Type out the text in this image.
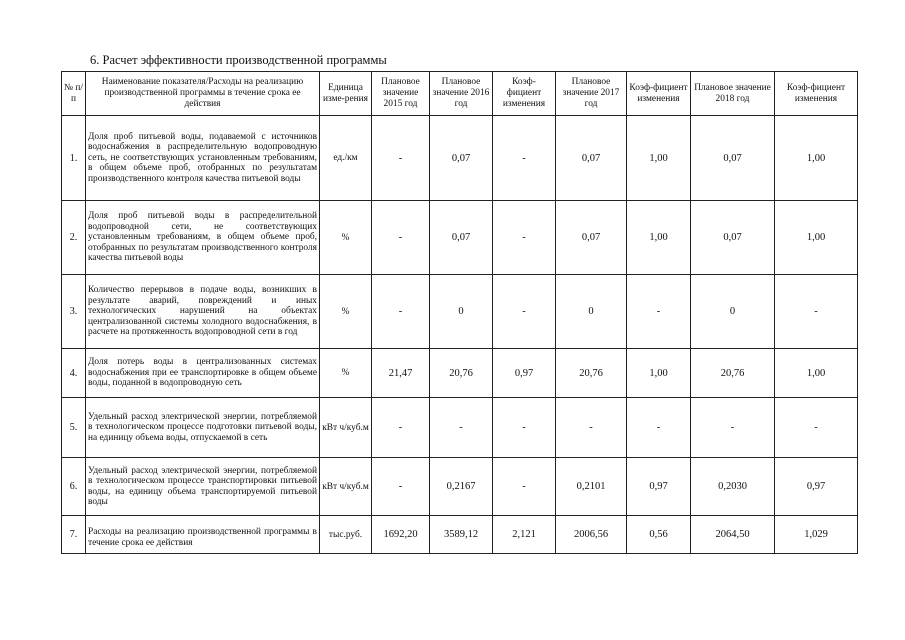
6. Расчет эффективности производственной программы
№ п/п	Наименование показателя/Расходы на реализацию производственной программы в течение срока ее действия	Единица изме-рения	Плановое значение 2015 год	Плановое значение 2016 год	Коэф-фициент изменения	Плановое значение 2017 год	Коэф-фициент изменения	Плановое значение 2018 год	Коэф-фициент изменения
1.	Доля проб питьевой воды, подаваемой с источников водоснабжения в распределительную водопроводную сеть, не соответствующих установленным требованиям, в общем объеме проб, отобранных по результатам производственного контроля качества питьевой воды	ед./км	-	0,07	-	0,07	1,00	0,07	1,00
2.	Доля проб питьевой воды в распределительной водопроводной сети, не соответствующих установленным требованиям, в общем объеме проб, отобранных по результатам производственного контроля качества питьевой воды	%	-	0,07	-	0,07	1,00	0,07	1,00
3.	Количество перерывов в подаче воды, возникших в результате аварий, повреждений и иных технологических нарушений на объектах централизованной системы холодного водоснабжения, в расчете на протяженность водопроводной сети в год	%	-	0	-	0	-	0	-
4.	Доля потерь воды в централизованных системах водоснабжения при ее транспортировке в общем объеме воды, поданной в водопроводную сеть	%	21,47	20,76	0,97	20,76	1,00	20,76	1,00
5.	Удельный расход электрической энергии, потребляемой в технологическом процессе подготовки питьевой воды, на единицу объема воды, отпускаемой в сеть	кВт ч/куб.м	-	-	-	-	-	-	-
6.	Удельный расход электрической энергии, потребляемой в технологическом процессе транспортировки питьевой воды, на единицу объема транспортируемой питьевой воды	кВт ч/куб.м	-	0,2167	-	0,2101	0,97	0,2030	0,97
7.	Расходы на реализацию производственной программы в течение срока ее действия	тыс.руб.	1692,20	3589,12	2,121	2006,56	0,56	2064,50	1,029
